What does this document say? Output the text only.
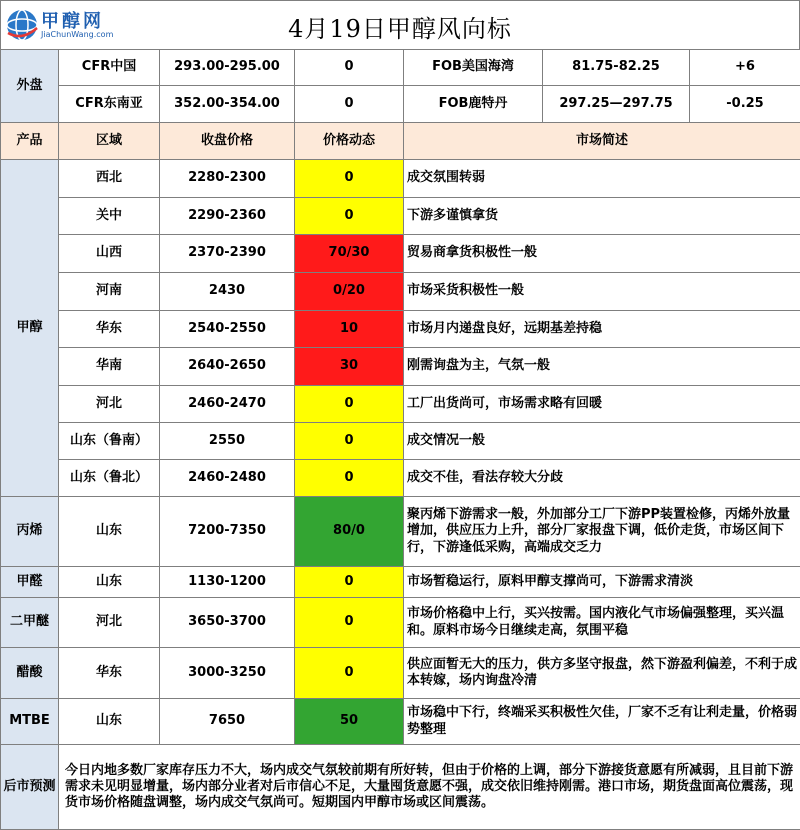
甲醇网
JiaChunWang.com	4月19日甲醇风向标
外盘	CFR中国	293.00-295.00	0	FOB美国海湾	81.75-82.25	+6
	CFR东南亚	352.00-354.00	0	FOB鹿特丹	297.25—297.75	-0.25
产品	区域	收盘价格	价格动态	市场简述		
甲醇	西北	2280-2300	0	成交氛围转弱		
	关中	2290-2360	0	下游多谨慎拿货		
	山西	2370-2390	70/30	贸易商拿货积极性一般		
	河南	2430	0/20	市场采货积极性一般		
	华东	2540-2550	10	市场月内递盘良好，远期基差持稳		
	华南	2640-2650	30	刚需询盘为主，气氛一般		
	河北	2460-2470	0	工厂出货尚可，市场需求略有回暖		
	山东（鲁南）	2550	0	成交情况一般		
	山东（鲁北）	2460-2480	0	成交不佳，看法存较大分歧		
丙烯	山东	7200-7350	80/0	聚丙烯下游需求一般，外加部分工厂下游PP装置检修，丙烯外放量增加，供应压力上升，部分厂家报盘下调，低价走货，市场区间下行，下游逢低采购，高端成交乏力		
甲醛	山东	1130-1200	0	市场暂稳运行，原料甲醇支撑尚可，下游需求清淡		
二甲醚	河北	3650-3700	0	市场价格稳中上行，买兴按需。国内液化气市场偏强整理，买兴温和。原料市场今日继续走高，氛围平稳		
醋酸	华东	3000-3250	0	供应面暂无大的压力，供方多坚守报盘，然下游盈利偏差，不利于成本转嫁，场内询盘冷清		
MTBE	山东	7650	50	市场稳中下行，终端采买积极性欠佳，厂家不乏有让利走量，价格弱势整理		
后市预测	今日内地多数厂家库存压力不大，场内成交气氛较前期有所好转，但由于价格的上调，部分下游接货意愿有所减弱，且目前下游需求未见明显增量，场内部分业者对后市信心不足，大量囤货意愿不强，成交依旧维持刚需。港口市场，期货盘面高位震荡，现货市场价格随盘调整，场内成交气氛尚可。短期国内甲醇市场或区间震荡。					
